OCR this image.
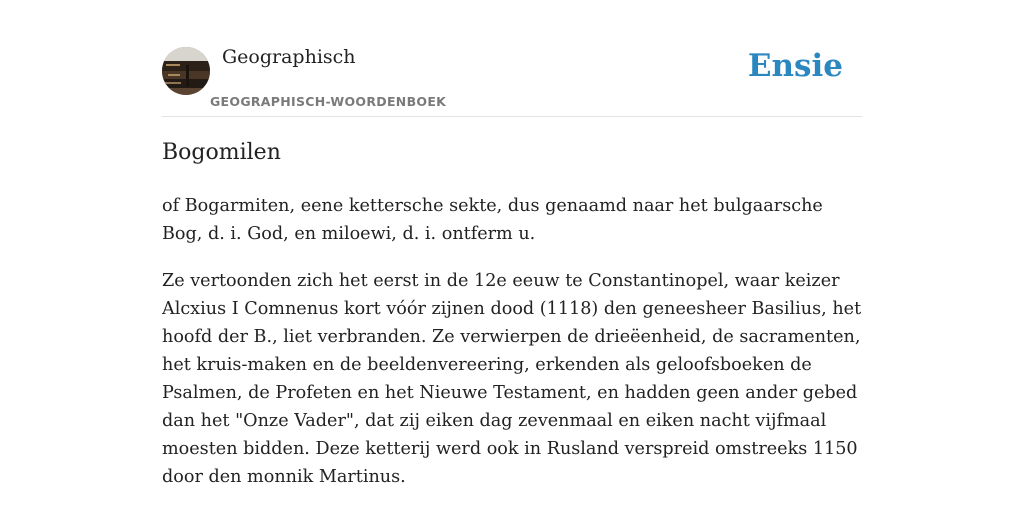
Geographisch
GEOGRAPHISCH-WOORDENBOEK
Ensie
Bogomilen

of Bogarmiten, eene kettersche sekte, dus genaamd naar het bulgaarsche Bog, d. i. God, en miloewi, d. i. ontferm u.

Ze vertoonden zich het eerst in de 12e eeuw te Constantinopel, waar keizer Alcxius I Comnenus kort vóór zijnen dood (1118) den geneesheer Basilius, het hoofd der B., liet verbranden. Ze verwierpen de drieëenheid, de sacramenten, het kruis-maken en de beeldenvereering, erkenden als geloofsboeken de Psalmen, de Profeten en het Nieuwe Testament, en hadden geen ander gebed dan het "Onze Vader", dat zij eiken dag zevenmaal en eiken nacht vijfmaal moesten bidden. Deze ketterij werd ook in Rusland verspreid omstreeks 1150 door den monnik Martinus.
